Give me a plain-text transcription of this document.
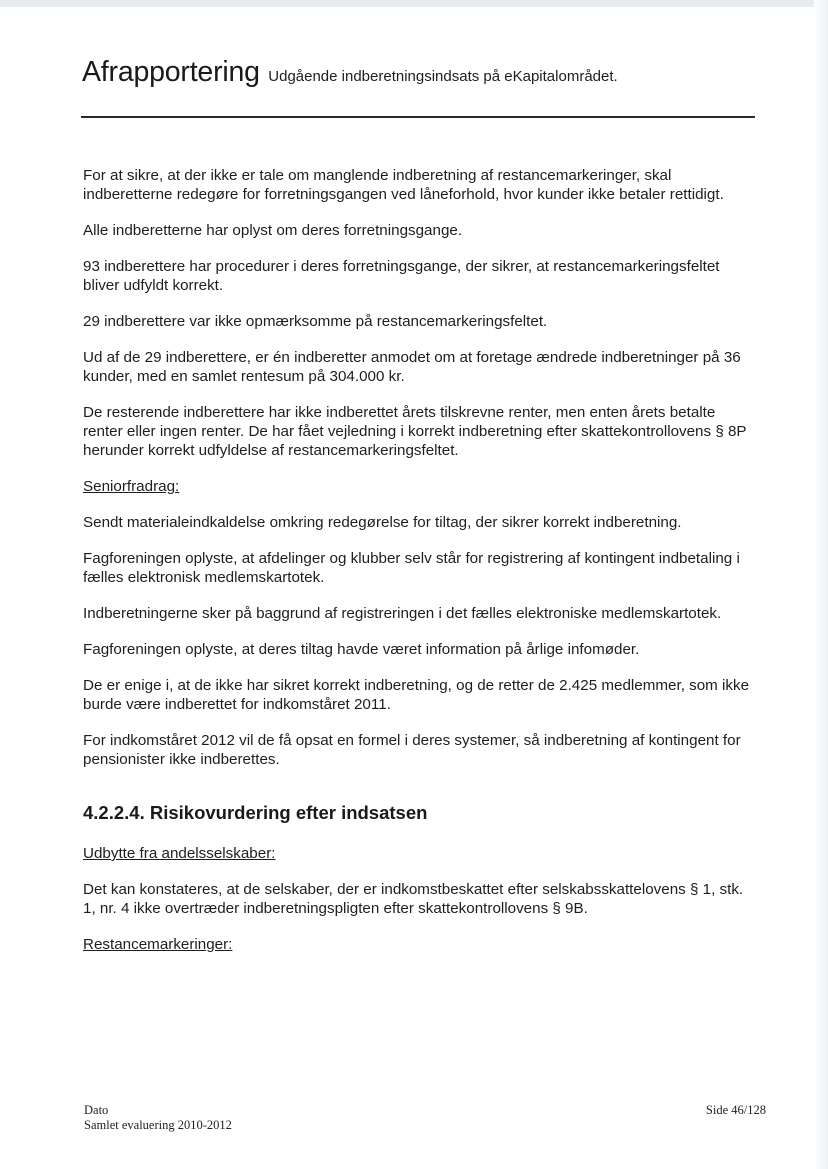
Afrapportering Udgående indberetningsindsats på eKapitalområdet.

For at sikre, at der ikke er tale om manglende indberetning af restancemarkeringer, skal indberetterne redegøre for forretningsgangen ved låneforhold, hvor kunder ikke betaler rettidigt.

Alle indberetterne har oplyst om deres forretningsgange.

93 indberettere har procedurer i deres forretningsgange, der sikrer, at restancemarkeringsfeltet bliver udfyldt korrekt.

29 indberettere var ikke opmærksomme på restancemarkeringsfeltet.

Ud af de 29 indberettere, er én indberetter anmodet om at foretage ændrede indberetninger på 36 kunder, med en samlet rentesum på 304.000 kr.

De resterende indberettere har ikke indberettet årets tilskrevne renter, men enten årets betalte renter eller ingen renter. De har fået vejledning i korrekt indberetning efter skattekontrollovens § 8P herunder korrekt udfyldelse af restancemarkeringsfeltet.

Seniorfradrag:

Sendt materialeindkaldelse omkring redegørelse for tiltag, der sikrer korrekt indberetning.

Fagforeningen oplyste, at afdelinger og klubber selv står for registrering af kontingent indbetaling i fælles elektronisk medlemskartotek.

Indberetningerne sker på baggrund af registreringen i det fælles elektroniske medlemskartotek.

Fagforeningen oplyste, at deres tiltag havde været information på årlige infomøder.

De er enige i, at de ikke har sikret korrekt indberetning, og de retter de 2.425 medlemmer, som ikke burde være indberettet for indkomståret 2011.

For indkomståret 2012 vil de få opsat en formel i deres systemer, så indberetning af kontingent for pensionister ikke indberettes.

4.2.2.4. Risikovurdering efter indsatsen

Udbytte fra andelsselskaber:

Det kan konstateres, at de selskaber, der er indkomstbeskattet efter selskabsskattelovens § 1, stk. 1, nr. 4 ikke overtræder indberetningspligten efter skattekontrollovens § 9B.

Restancemarkeringer:

Dato
Samlet evaluering 2010-2012
Side 46/128
